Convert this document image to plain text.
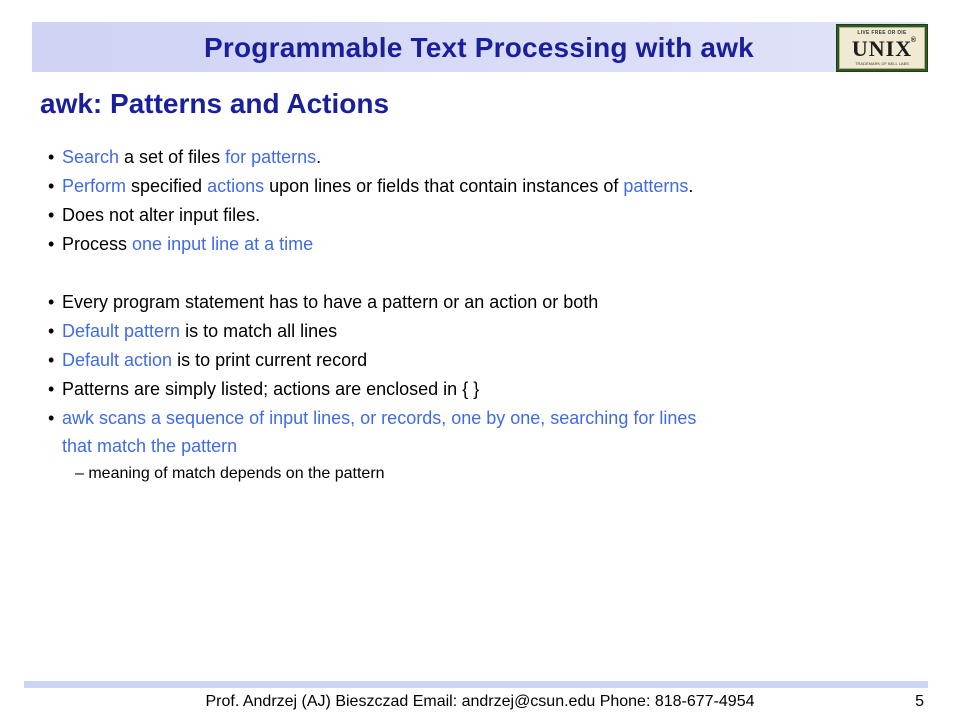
Programmable Text Processing with awk	LIVE FREE OR DIE
UNIX
®
TRADEMARK OF BELL LABS
awk: Patterns and Actions
• Search a set of files for patterns.
• Perform specified actions upon lines or fields that contain instances of patterns.
• Does not alter input files.
• Process one input line at a time
• Every program statement has to have a pattern or an action or both
• Default pattern is to match all lines
• Default action is to print current record
• Patterns are simply listed; actions are enclosed in { }
• awk scans a sequence of input lines, or records, one by one, searching for lines
that match the pattern
– meaning of match depends on the pattern
Prof. Andrzej (AJ) Bieszczad Email: andrzej@csun.edu Phone: 818-677-4954	5
